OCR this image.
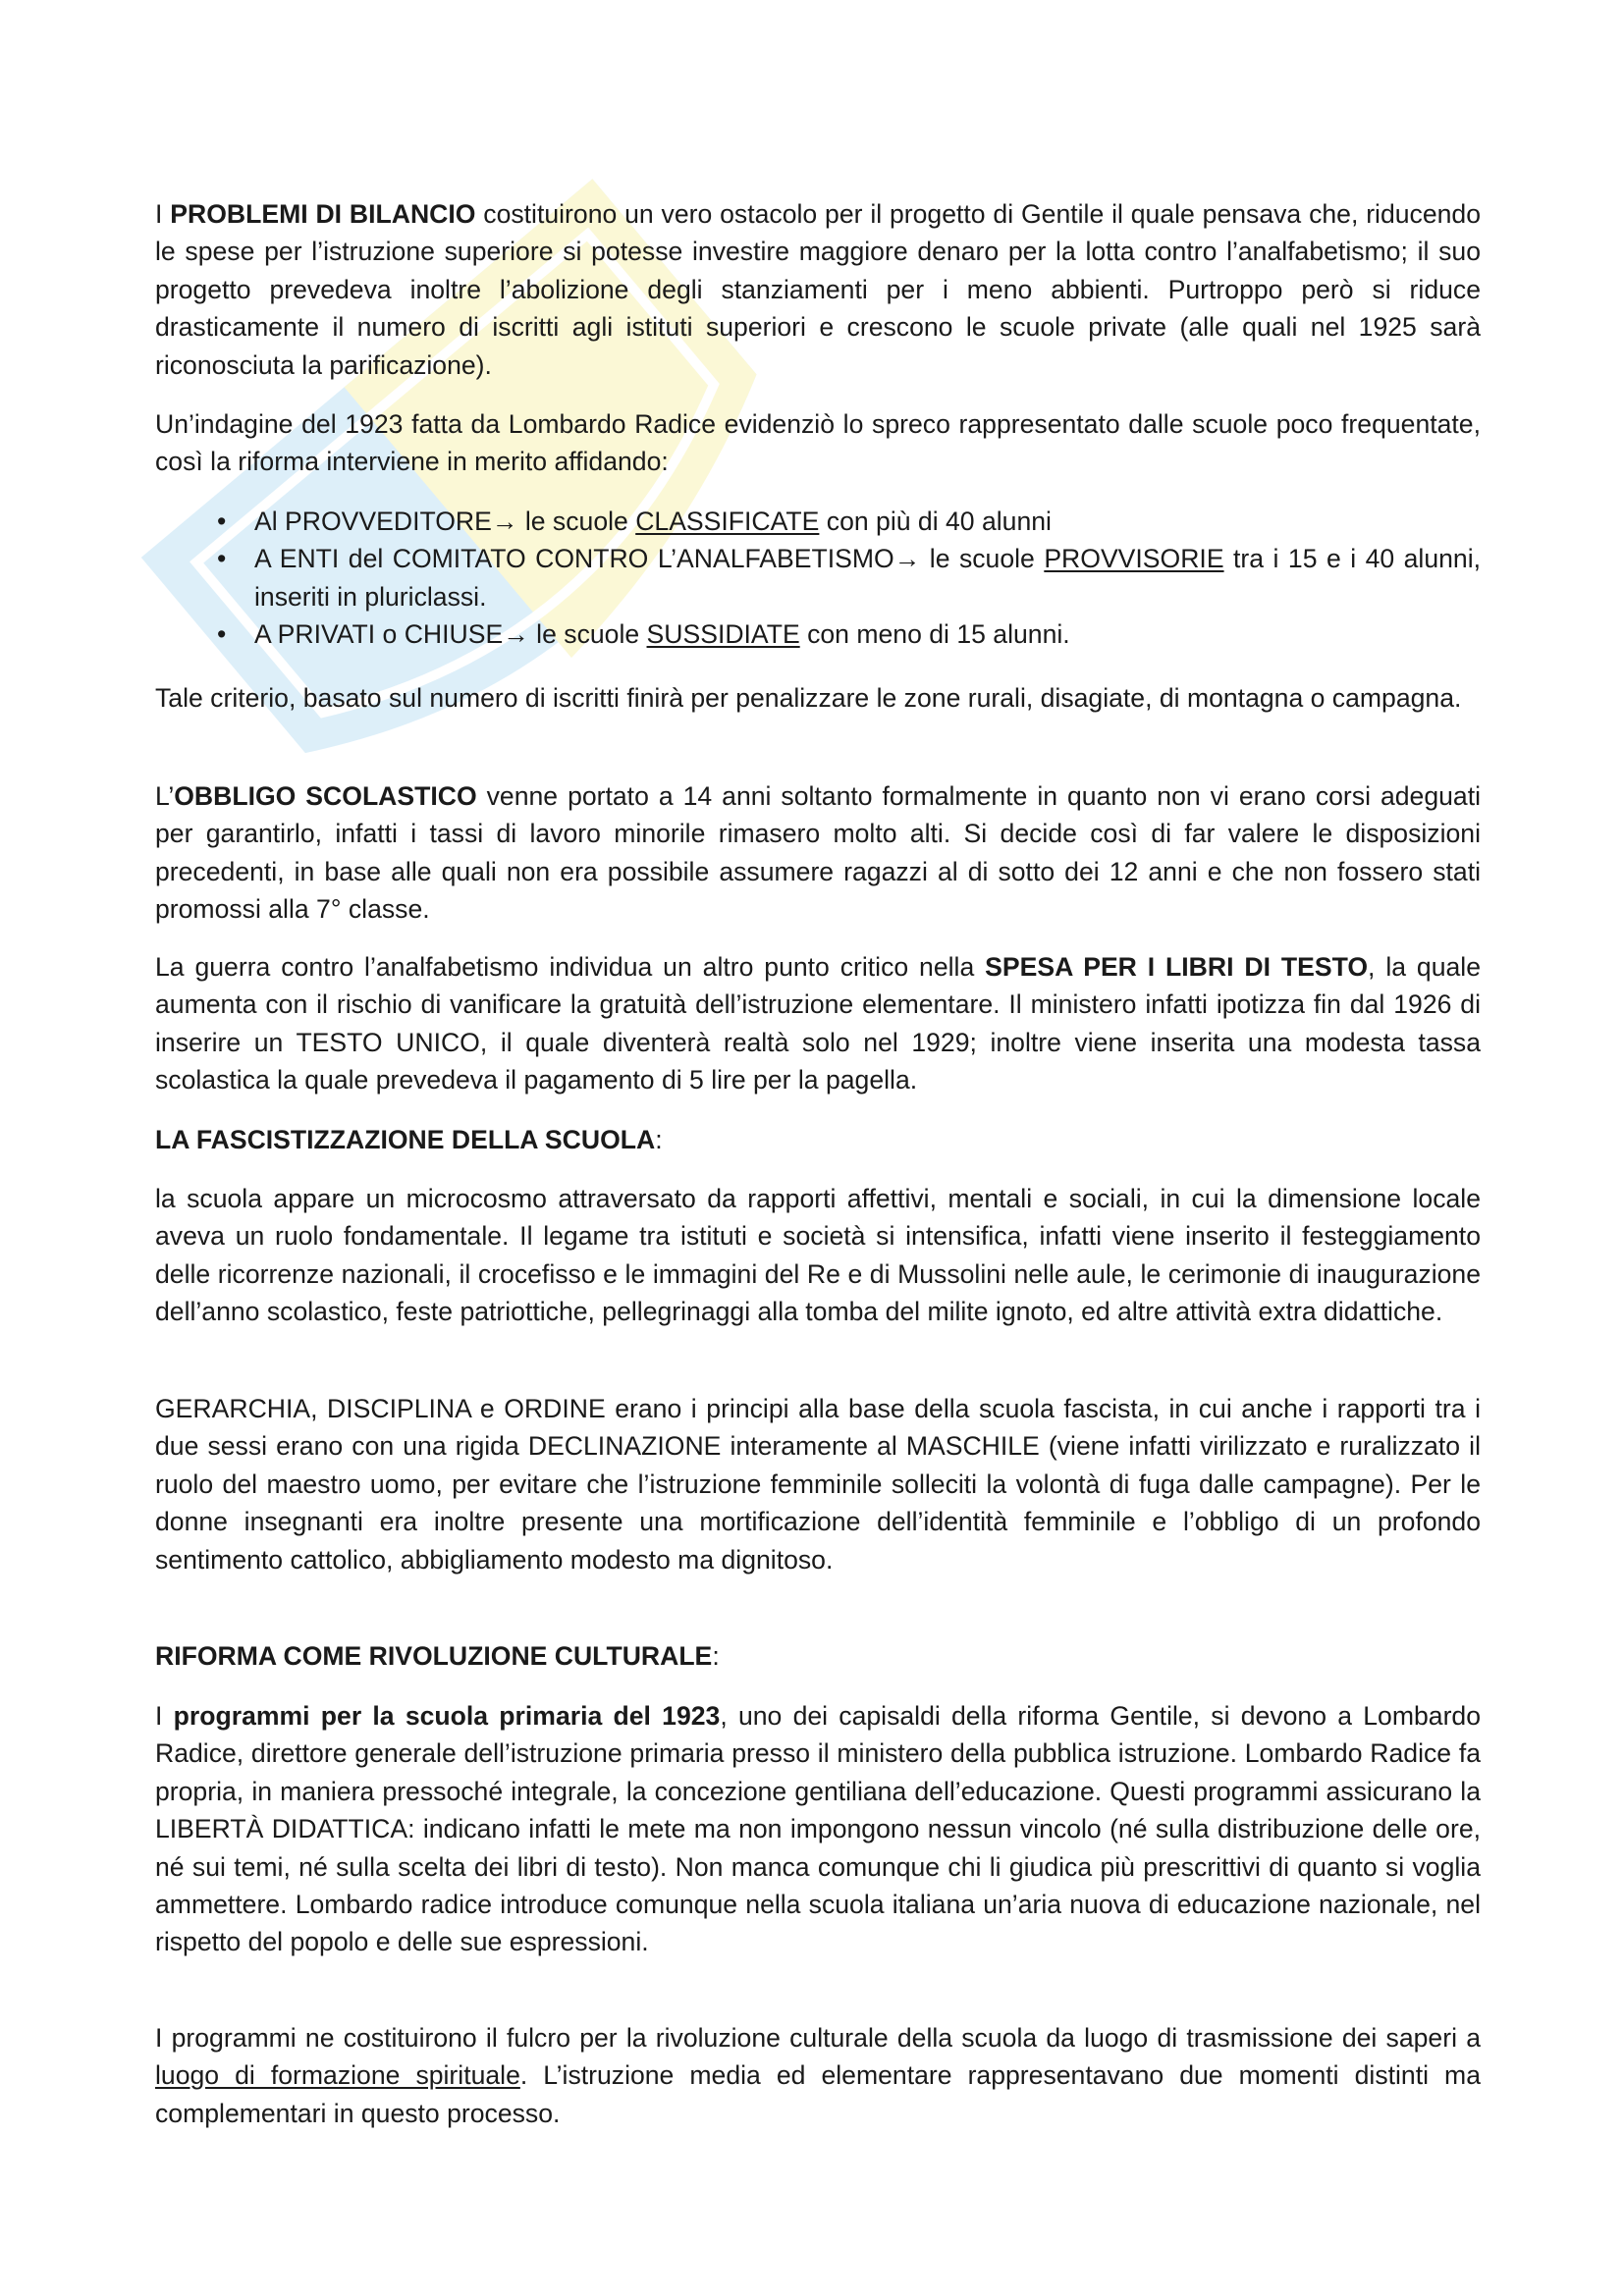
I PROBLEMI DI BILANCIO costituirono un vero ostacolo per il progetto di Gentile il quale pensava che, riducendo le spese per l’istruzione superiore si potesse investire maggiore denaro per la lotta contro l’analfabetismo; il suo progetto prevedeva inoltre l’abolizione degli stanziamenti per i meno abbienti. Purtroppo però si riduce drasticamente il numero di iscritti agli istituti superiori e crescono le scuole private (alle quali nel 1925 sarà riconosciuta la parificazione).

Un’indagine del 1923 fatta da Lombardo Radice evidenziò lo spreco rappresentato dalle scuole poco frequentate, così la riforma interviene in merito affidando:

• Al PROVVEDITORE→ le scuole CLASSIFICATE con più di 40 alunni
• A ENTI del COMITATO CONTRO L’ANALFABETISMO→ le scuole PROVVISORIE tra i 15 e i 40 alunni, inseriti in pluriclassi.
• A PRIVATI o CHIUSE→ le scuole SUSSIDIATE con meno di 15 alunni.

Tale criterio, basato sul numero di iscritti finirà per penalizzare le zone rurali, disagiate, di montagna o campagna.

L’OBBLIGO SCOLASTICO venne portato a 14 anni soltanto formalmente in quanto non vi erano corsi adeguati per garantirlo, infatti i tassi di lavoro minorile rimasero molto alti. Si decide così di far valere le disposizioni precedenti, in base alle quali non era possibile assumere ragazzi al di sotto dei 12 anni e che non fossero stati promossi alla 7° classe.

La guerra contro l’analfabetismo individua un altro punto critico nella SPESA PER I LIBRI DI TESTO, la quale aumenta con il rischio di vanificare la gratuità dell’istruzione elementare. Il ministero infatti ipotizza fin dal 1926 di inserire un TESTO UNICO, il quale diventerà realtà solo nel 1929; inoltre viene inserita una modesta tassa scolastica la quale prevedeva il pagamento di 5 lire per la pagella.

LA FASCISTIZZAZIONE DELLA SCUOLA:

la scuola appare un microcosmo attraversato da rapporti affettivi, mentali e sociali, in cui la dimensione locale aveva un ruolo fondamentale. Il legame tra istituti e società si intensifica, infatti viene inserito il festeggiamento delle ricorrenze nazionali, il crocefisso e le immagini del Re e di Mussolini nelle aule, le cerimonie di inaugurazione dell’anno scolastico, feste patriottiche, pellegrinaggi alla tomba del milite ignoto, ed altre attività extra didattiche.

GERARCHIA, DISCIPLINA e ORDINE erano i principi alla base della scuola fascista, in cui anche i rapporti tra i due sessi erano con una rigida DECLINAZIONE interamente al MASCHILE (viene infatti virilizzato e ruralizzato il ruolo del maestro uomo, per evitare che l’istruzione femminile solleciti la volontà di fuga dalle campagne). Per le donne insegnanti era inoltre presente una mortificazione dell’identità femminile e l’obbligo di un profondo sentimento cattolico, abbigliamento modesto ma dignitoso.

RIFORMA COME RIVOLUZIONE CULTURALE:

I programmi per la scuola primaria del 1923, uno dei capisaldi della riforma Gentile, si devono a Lombardo Radice, direttore generale dell’istruzione primaria presso il ministero della pubblica istruzione. Lombardo Radice fa propria, in maniera pressoché integrale, la concezione gentiliana dell’educazione. Questi programmi assicurano la LIBERTÀ DIDATTICA: indicano infatti le mete ma non impongono nessun vincolo (né sulla distribuzione delle ore, né sui temi, né sulla scelta dei libri di testo). Non manca comunque chi li giudica più prescrittivi di quanto si voglia ammettere. Lombardo radice introduce comunque nella scuola italiana un’aria nuova di educazione nazionale, nel rispetto del popolo e delle sue espressioni.

I programmi ne costituirono il fulcro per la rivoluzione culturale della scuola da luogo di trasmissione dei saperi a luogo di formazione spirituale. L’istruzione media ed elementare rappresentavano due momenti distinti ma complementari in questo processo.
